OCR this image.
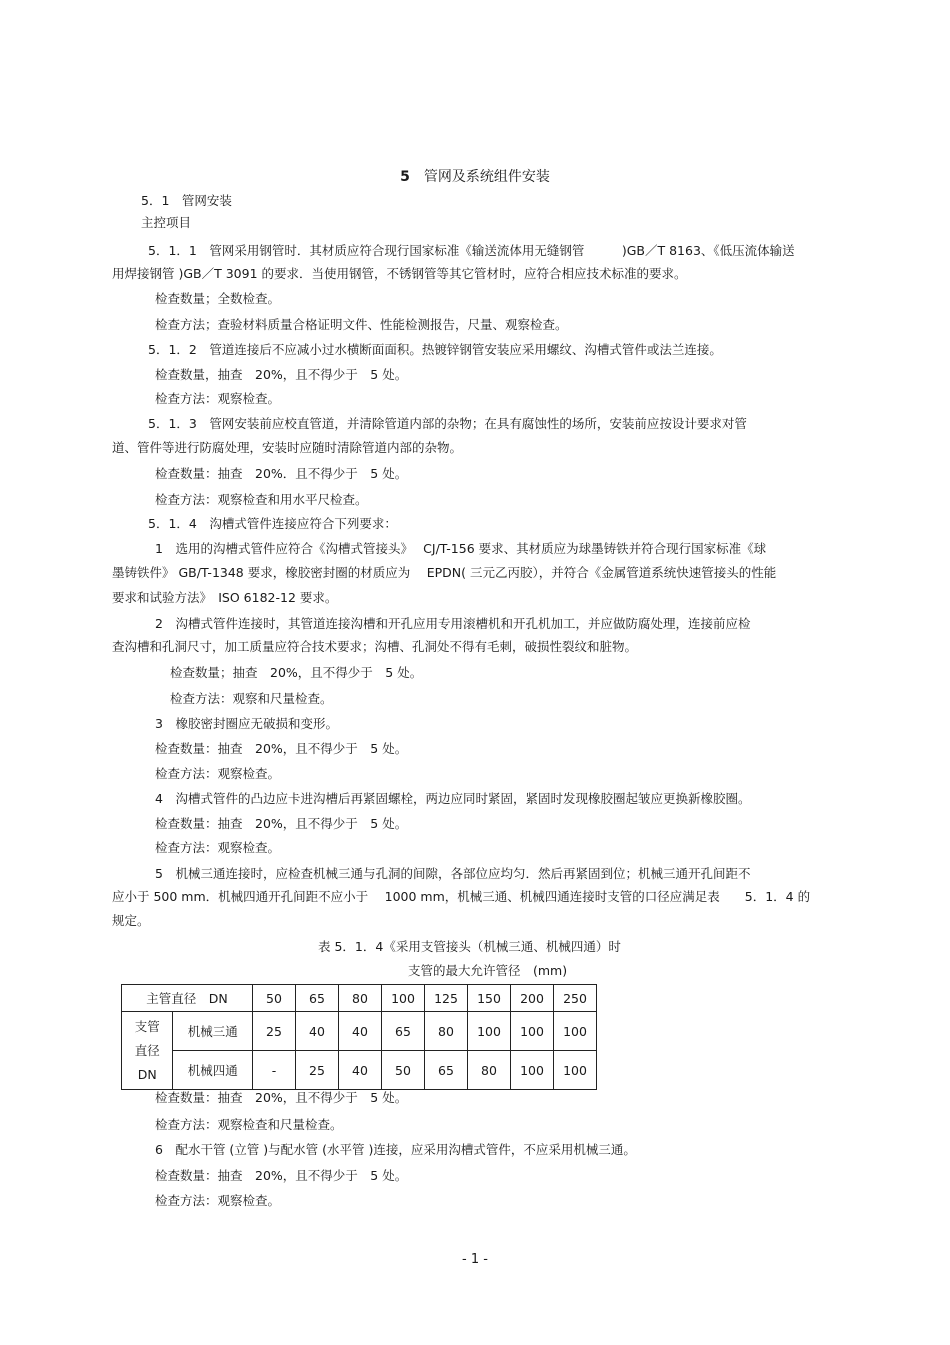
5 管网及系统组件安装
5．1　管网安装
主控项目
5．1．1　管网采用钢管时．其材质应符合现行国家标准《输送流体用无缝钢管　　　)GB／T 8163、《低压流体输送
用焊接钢管 )GB／T 3091 的要求．当使用钢管，不锈钢管等其它管材时，应符合相应技术标准的要求。
检查数量；全数检查。
检查方法；查验材料质量合格证明文件、性能检测报告，尺量、观察检查。
5．1．2　管道连接后不应减小过水横断面面积。热镀锌钢管安装应采用螺纹、沟槽式管件或法兰连接。
检查数量，抽查　20%，且不得少于　5 处。
检查方法：观察检查。
5．1．3　管网安装前应校直管道，并清除管道内部的杂物；在具有腐蚀性的场所，安装前应按设计要求对管
道、管件等进行防腐处理，安装时应随时清除管道内部的杂物。
检查数量：抽查　20%．且不得少于　5 处。
检查方法：观察检查和用水平尺检查。
5．1．4　沟槽式管件连接应符合下列要求：
1　选用的沟槽式管件应符合《沟槽式管接头》　 CJ/T-156 要求、其材质应为球墨铸铁并符合现行国家标准《球
墨铸铁件》 GB/T-1348 要求，橡胶密封圈的材质应为　 EPDN( 三元乙丙胶），并符合《金属管道系统快速管接头的性能
要求和试验方法》　ISO 6182-12 要求。
2　沟槽式管件连接时，其管道连接沟槽和开孔应用专用滚槽机和开孔机加工，并应做防腐处理，连接前应检
查沟槽和孔洞尺寸，加工质量应符合技术要求；沟槽、孔洞处不得有毛刺，破损性裂纹和脏物。
检查数量；抽查　20%，且不得少于　5 处。
检查方法：观察和尺量检查。
3　橡胶密封圈应无破损和变形。
检查数量：抽查　20%，且不得少于　5 处。
检查方法：观察检查。
4　沟槽式管件的凸边应卡进沟槽后再紧固螺栓，两边应同时紧固，紧固时发现橡胶圈起皱应更换新橡胶圈。
检查数量：抽查　20%，且不得少于　5 处。
检查方法：观察检查。
5　机械三通连接时，应检查机械三通与孔洞的间隙，各部位应均匀．然后再紧固到位；机械三通开孔间距不
应小于 500 mm．机械四通开孔间距不应小于　 1000 mm，机械三通、机械四通连接时支管的口径应满足表　　5．1．4 的
规定。
表 5．1．4《采用支管接头（机械三通、机械四通）时
支管的最大允许管径　(mm)
主管直径　DN		50	65	80	100	125	150	200	250

支管
直径
DN	机械三通	25	40	40	65	80	100	100	100
	机械四通	-	25	40	50	65	80	100	100
检查数量：抽查　20%，且不得少于　5 处。
检查方法：观察检查和尺量检查。
6　配水干管 (立管 )与配水管 (水平管 )连接，应采用沟槽式管件，不应采用机械三通。
检查数量：抽查　20%，且不得少于　5 处。
检查方法：观察检查。
- 1 -
